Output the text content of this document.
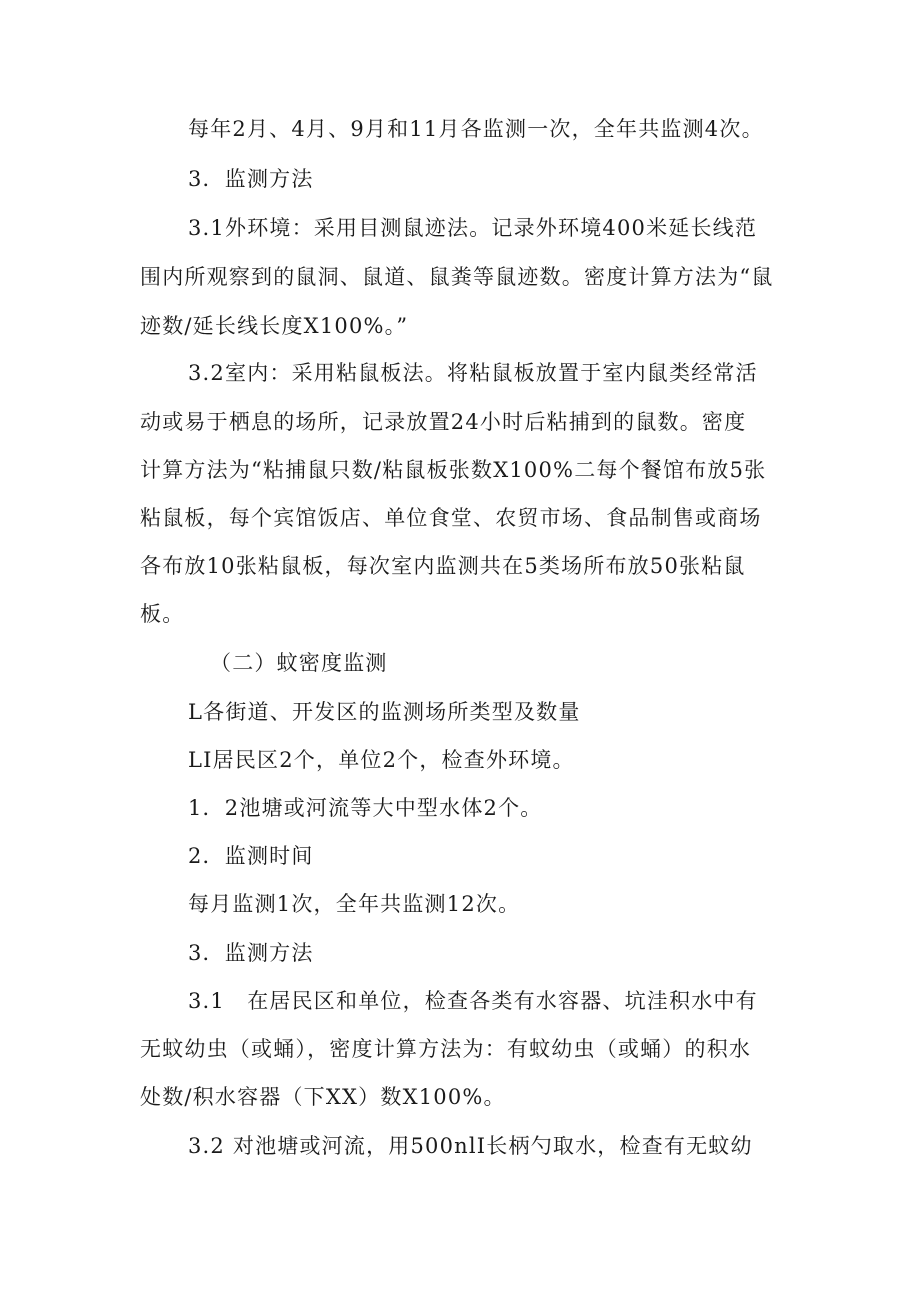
每年2月、4月、9月和11月各监测一次，全年共监测4次。
3．监测方法
3.1外环境：采用目测鼠迹法。记录外环境400米延长线范
围内所观察到的鼠洞、鼠道、鼠粪等鼠迹数。密度计算方法为“鼠
迹数/延长线长度X100%。”
3.2室内：采用粘鼠板法。将粘鼠板放置于室内鼠类经常活
动或易于栖息的场所，记录放置24小时后粘捕到的鼠数。密度
计算方法为“粘捕鼠只数/粘鼠板张数X100%二每个餐馆布放5张
粘鼠板，每个宾馆饭店、单位食堂、农贸市场、食品制售或商场
各布放10张粘鼠板，每次室内监测共在5类场所布放50张粘鼠
板。
（二）蚊密度监测
L各街道、开发区的监测场所类型及数量
LI居民区2个，单位2个，检查外环境。
1．2池塘或河流等大中型水体2个。
2．监测时间
每月监测1次，全年共监测12次。
3．监测方法
3.1　在居民区和单位，检查各类有水容器、坑洼积水中有
无蚊幼虫（或蛹），密度计算方法为：有蚊幼虫（或蛹）的积水
处数/积水容器（下XX）数X100%。
3.2 对池塘或河流，用500nlI长柄勺取水，检查有无蚊幼
